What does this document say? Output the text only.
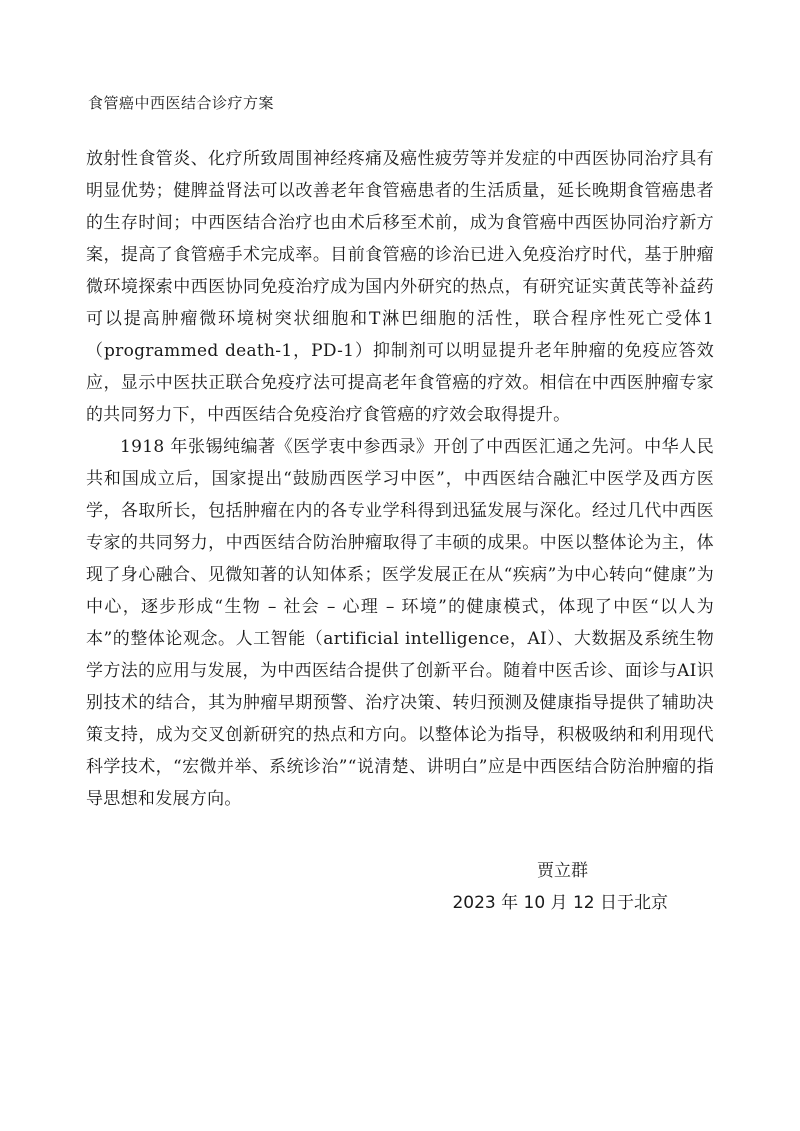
食管癌中西医结合诊疗方案

放射性食管炎、化疗所致周围神经疼痛及癌性疲劳等并发症的中西医协同治疗具有明显优势；健脾益肾法可以改善老年食管癌患者的生活质量，延长晚期食管癌患者的生存时间；中西医结合治疗也由术后移至术前，成为食管癌中西医协同治疗新方案，提高了食管癌手术完成率。目前食管癌的诊治已进入免疫治疗时代，基于肿瘤微环境探索中西医协同免疫治疗成为国内外研究的热点，有研究证实黄芪等补益药可以提高肿瘤微环境树突状细胞和T淋巴细胞的活性，联合程序性死亡受体1（programmed death-1，PD-1）抑制剂可以明显提升老年肿瘤的免疫应答效应，显示中医扶正联合免疫疗法可提高老年食管癌的疗效。相信在中西医肿瘤专家的共同努力下，中西医结合免疫治疗食管癌的疗效会取得提升。

1918 年张锡纯编著《医学衷中参西录》开创了中西医汇通之先河。中华人民共和国成立后，国家提出“鼓励西医学习中医”，中西医结合融汇中医学及西方医学，各取所长，包括肿瘤在内的各专业学科得到迅猛发展与深化。经过几代中西医专家的共同努力，中西医结合防治肿瘤取得了丰硕的成果。中医以整体论为主，体现了身心融合、见微知著的认知体系；医学发展正在从“疾病”为中心转向“健康”为中心，逐步形成“生物 – 社会 – 心理 – 环境”的健康模式，体现了中医“以人为本”的整体论观念。人工智能（artificial intelligence，AI）、大数据及系统生物学方法的应用与发展，为中西医结合提供了创新平台。随着中医舌诊、面诊与AI识别技术的结合，其为肿瘤早期预警、治疗决策、转归预测及健康指导提供了辅助决策支持，成为交叉创新研究的热点和方向。以整体论为指导，积极吸纳和利用现代科学技术，“宏微并举、系统诊治”“说清楚、讲明白”应是中西医结合防治肿瘤的指导思想和发展方向。

贾立群
2023 年 10 月 12 日于北京
